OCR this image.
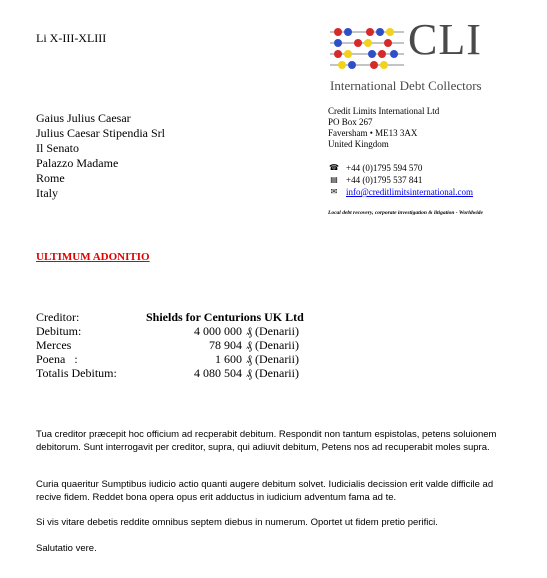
Li X-III-XLIII
Gaius Julius Caesar
Julius Caesar Stipendia Srl
Il Senato
Palazzo Madame
Rome
Italy
CLI
International Debt Collectors
Credit Limits International Ltd
PO Box 267
Faversham • ME13 3AX
United Kingdom
☎ +44 (0)1795 594 570
▤ +44 (0)1795 537 841
✉ info@creditlimitsinternational.com
Local debt recovery, corporate investigation & litigation - Worldwide
ULTIMUM ADONITIO
Creditor:	Shields for Centurions UK Ltd
Debitum:	4 000 000 ₰ (Denarii)
Merces	78 904 ₰ (Denarii)
Poena   :	1 600 ₰ (Denarii)
Totalis Debitum:	4 080 504 ₰ (Denarii)
Tua creditor præcepit hoc officium ad recperabit debitum. Respondit non tantum espistolas, petens soluionem debitorum. Sunt interrogavit per creditor, supra, qui adiuvit debitum, Petens nos ad recuperabit moles supra.
Curia quaeritur Sumptibus iudicio actio quanti augere debitum solvet. Iudicialis decission erit valde difficile ad recive fidem. Reddet bona opera opus erit adductus in iudicium adventum fama ad te.
Si vis vitare debetis reddite omnibus septem diebus in numerum. Oportet ut fidem pretio perifici.
Salutatio vere.
